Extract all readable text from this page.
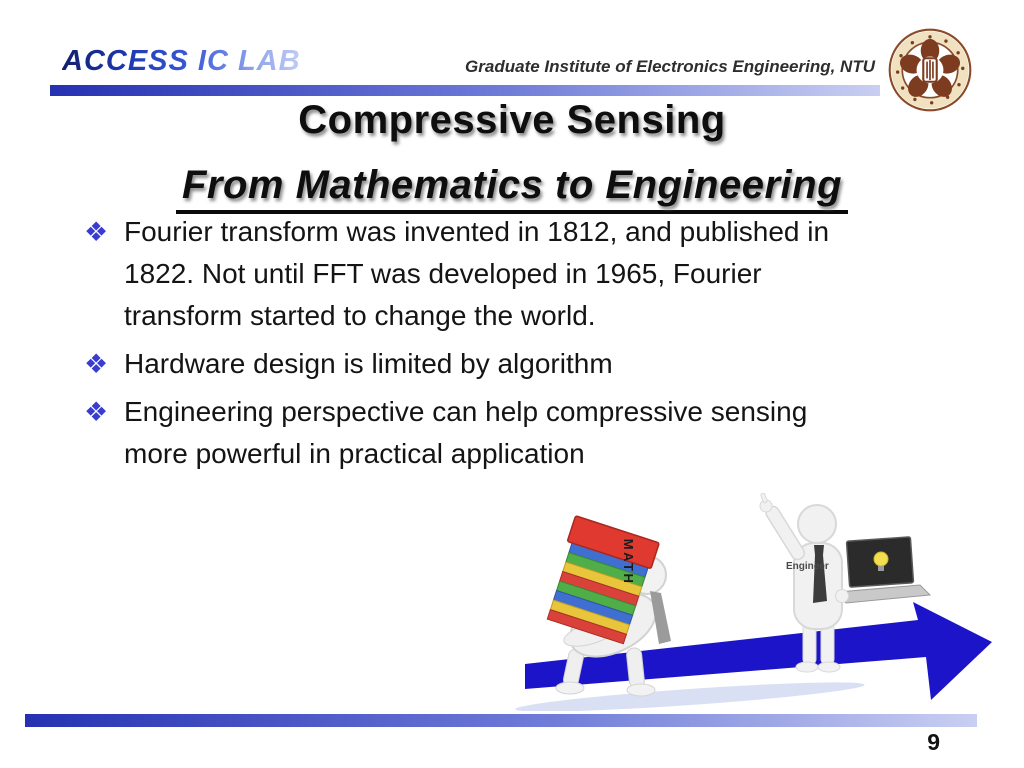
ACCESS IC LAB	Graduate Institute of Electronics Engineering, NTU
Compressive Sensing

From Mathematics to Engineering
❖ Fourier transform was invented in 1812, and published in
1822. Not until FFT was developed in 1965, Fourier
transform started to change the world.
❖ Hardware design is limited by algorithm
❖ Engineering perspective can help compressive sensing
more powerful in practical application
MATH	Engineer
9
